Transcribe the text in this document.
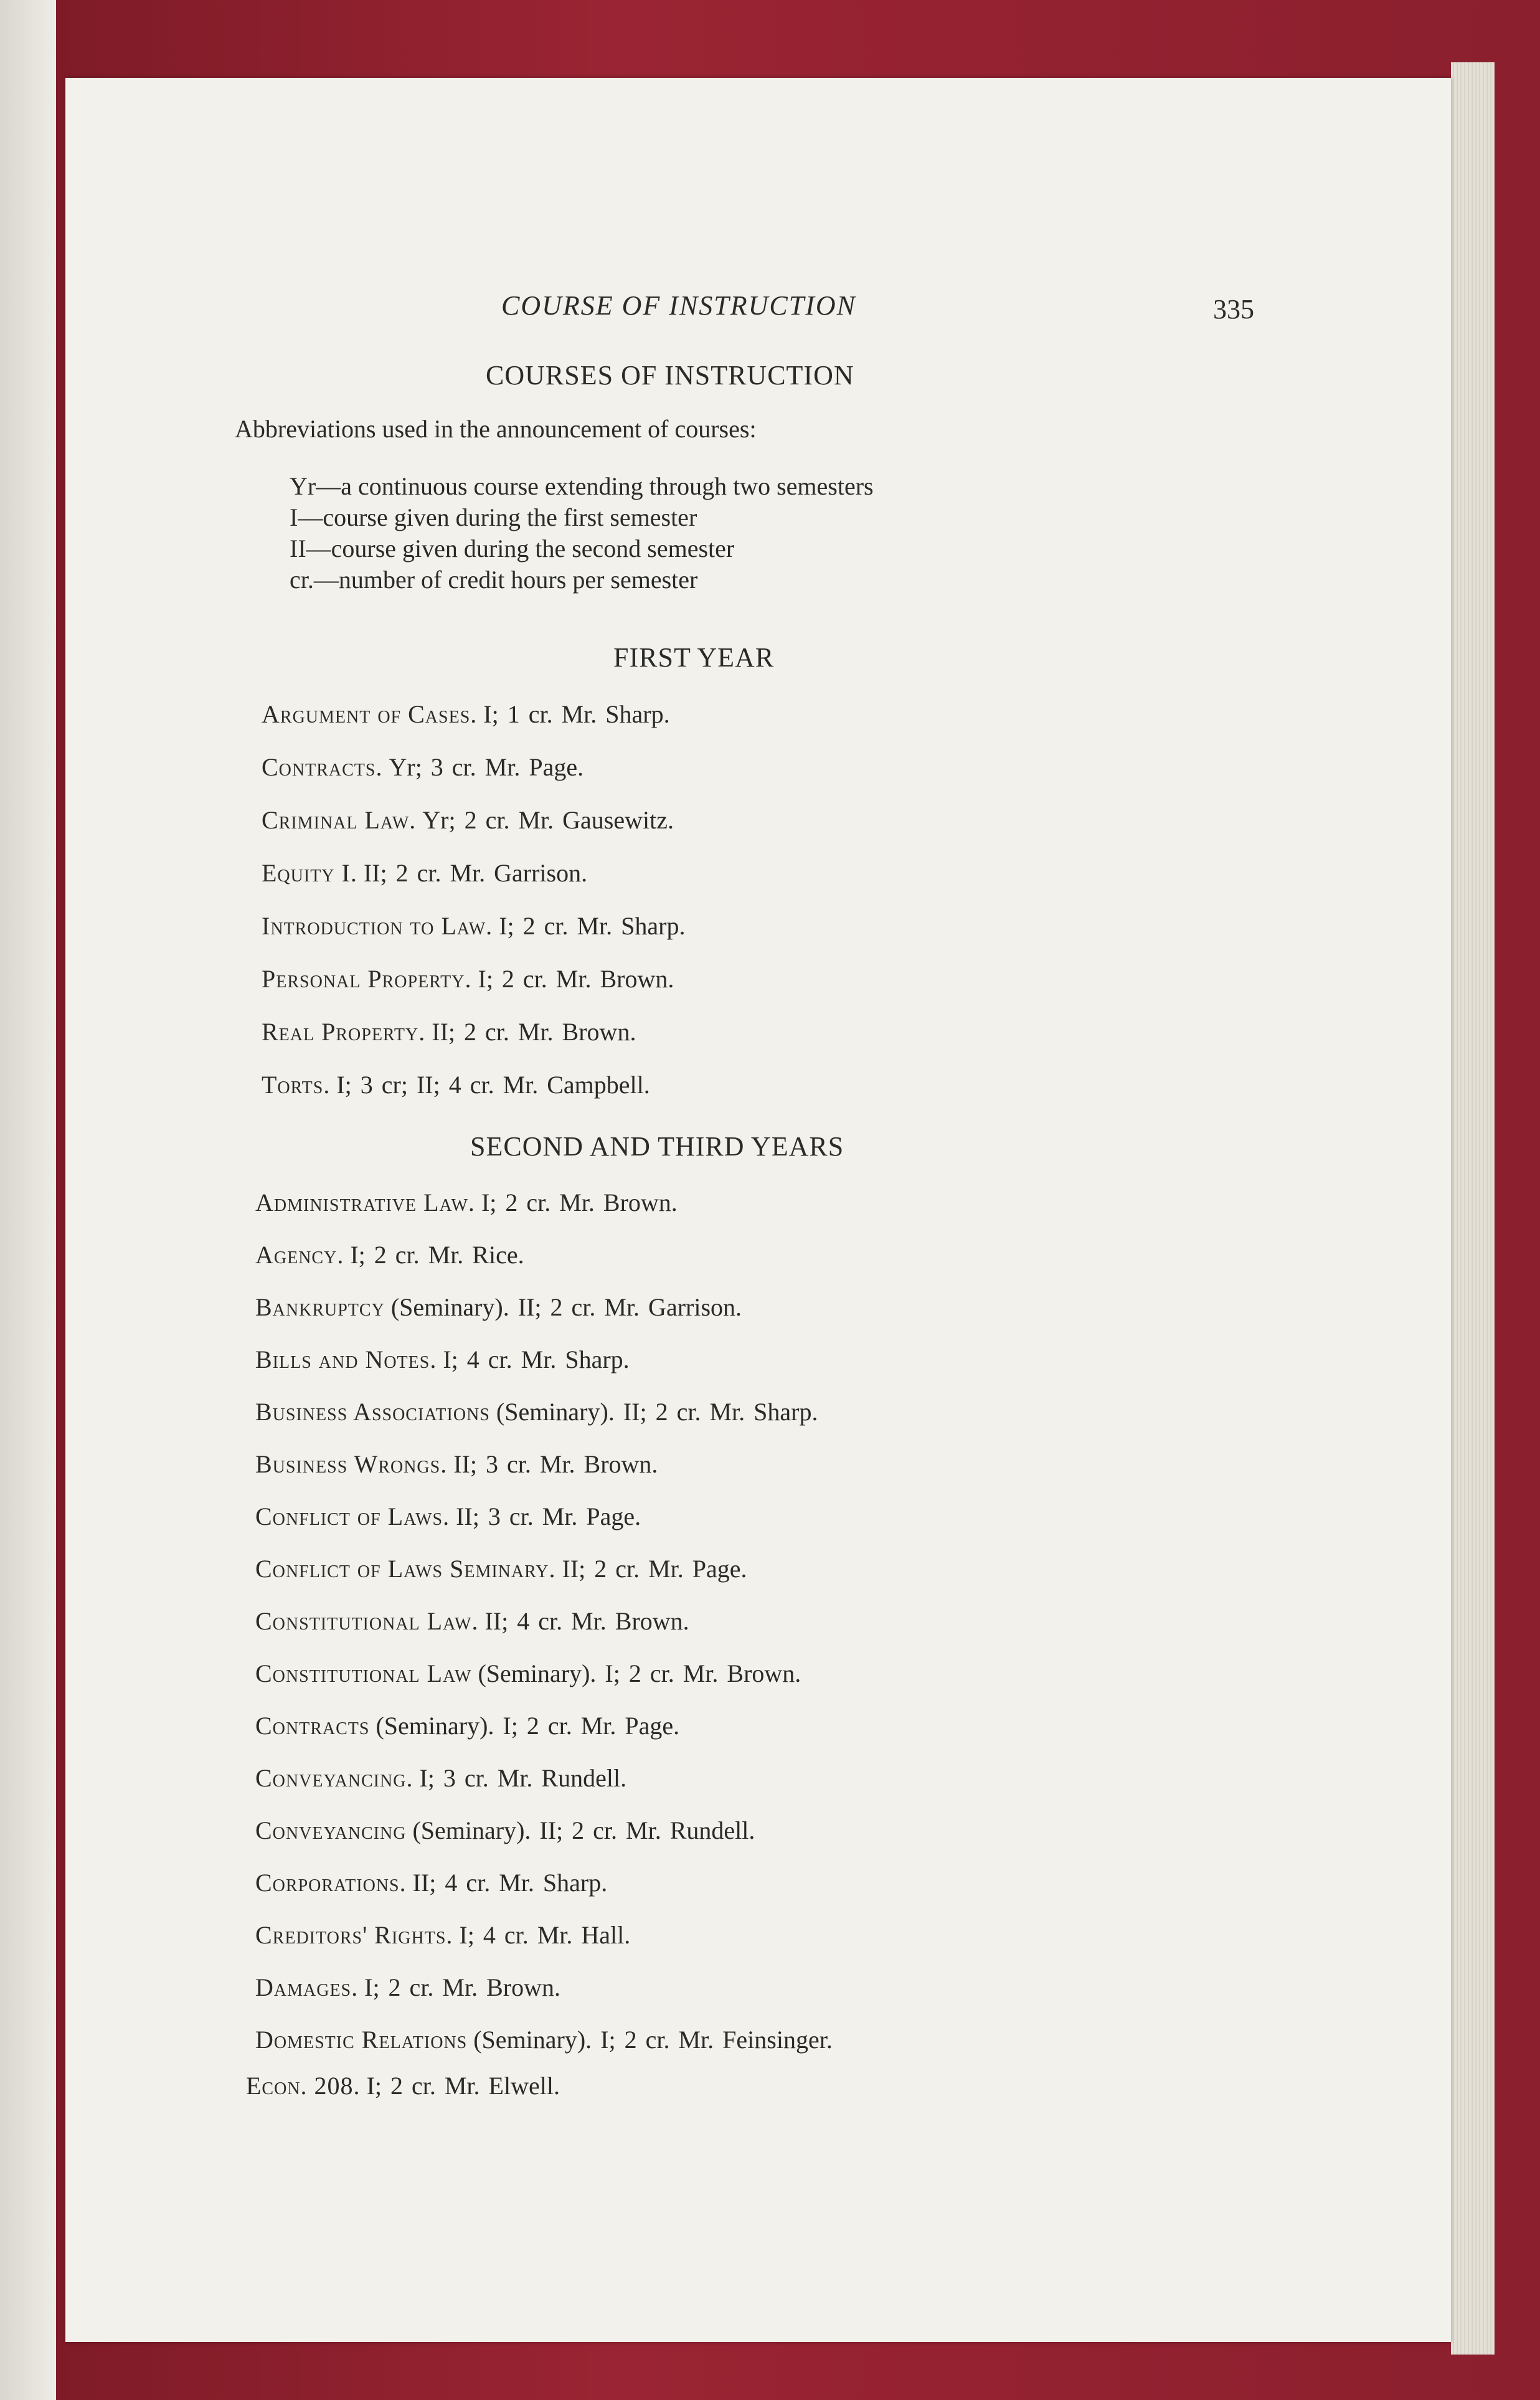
COURSE OF INSTRUCTION	335
COURSES OF INSTRUCTION
Abbreviations used in the announcement of courses:
Yr—a continuous course extending through two semesters
I—course given during the first semester
II—course given during the second semester
cr.—number of credit hours per semester
FIRST YEAR
Argument of Cases. I; 1 cr. Mr. Sharp.
Contracts. Yr; 3 cr. Mr. Page.
Criminal Law. Yr; 2 cr. Mr. Gausewitz.
Equity I. II; 2 cr. Mr. Garrison.
Introduction to Law. I; 2 cr. Mr. Sharp.
Personal Property. I; 2 cr. Mr. Brown.
Real Property. II; 2 cr. Mr. Brown.
Torts. I; 3 cr; II; 4 cr. Mr. Campbell.
SECOND AND THIRD YEARS
Administrative Law. I; 2 cr. Mr. Brown.
Agency. I; 2 cr. Mr. Rice.
Bankruptcy (Seminary). II; 2 cr. Mr. Garrison.
Bills and Notes. I; 4 cr. Mr. Sharp.
Business Associations (Seminary). II; 2 cr. Mr. Sharp.
Business Wrongs. II; 3 cr. Mr. Brown.
Conflict of Laws. II; 3 cr. Mr. Page.
Conflict of Laws Seminary. II; 2 cr. Mr. Page.
Constitutional Law. II; 4 cr. Mr. Brown.
Constitutional Law (Seminary). I; 2 cr. Mr. Brown.
Contracts (Seminary). I; 2 cr. Mr. Page.
Conveyancing. I; 3 cr. Mr. Rundell.
Conveyancing (Seminary). II; 2 cr. Mr. Rundell.
Corporations. II; 4 cr. Mr. Sharp.
Creditors' Rights. I; 4 cr. Mr. Hall.
Damages. I; 2 cr. Mr. Brown.
Domestic Relations (Seminary). I; 2 cr. Mr. Feinsinger.
Econ. 208. I; 2 cr. Mr. Elwell.
